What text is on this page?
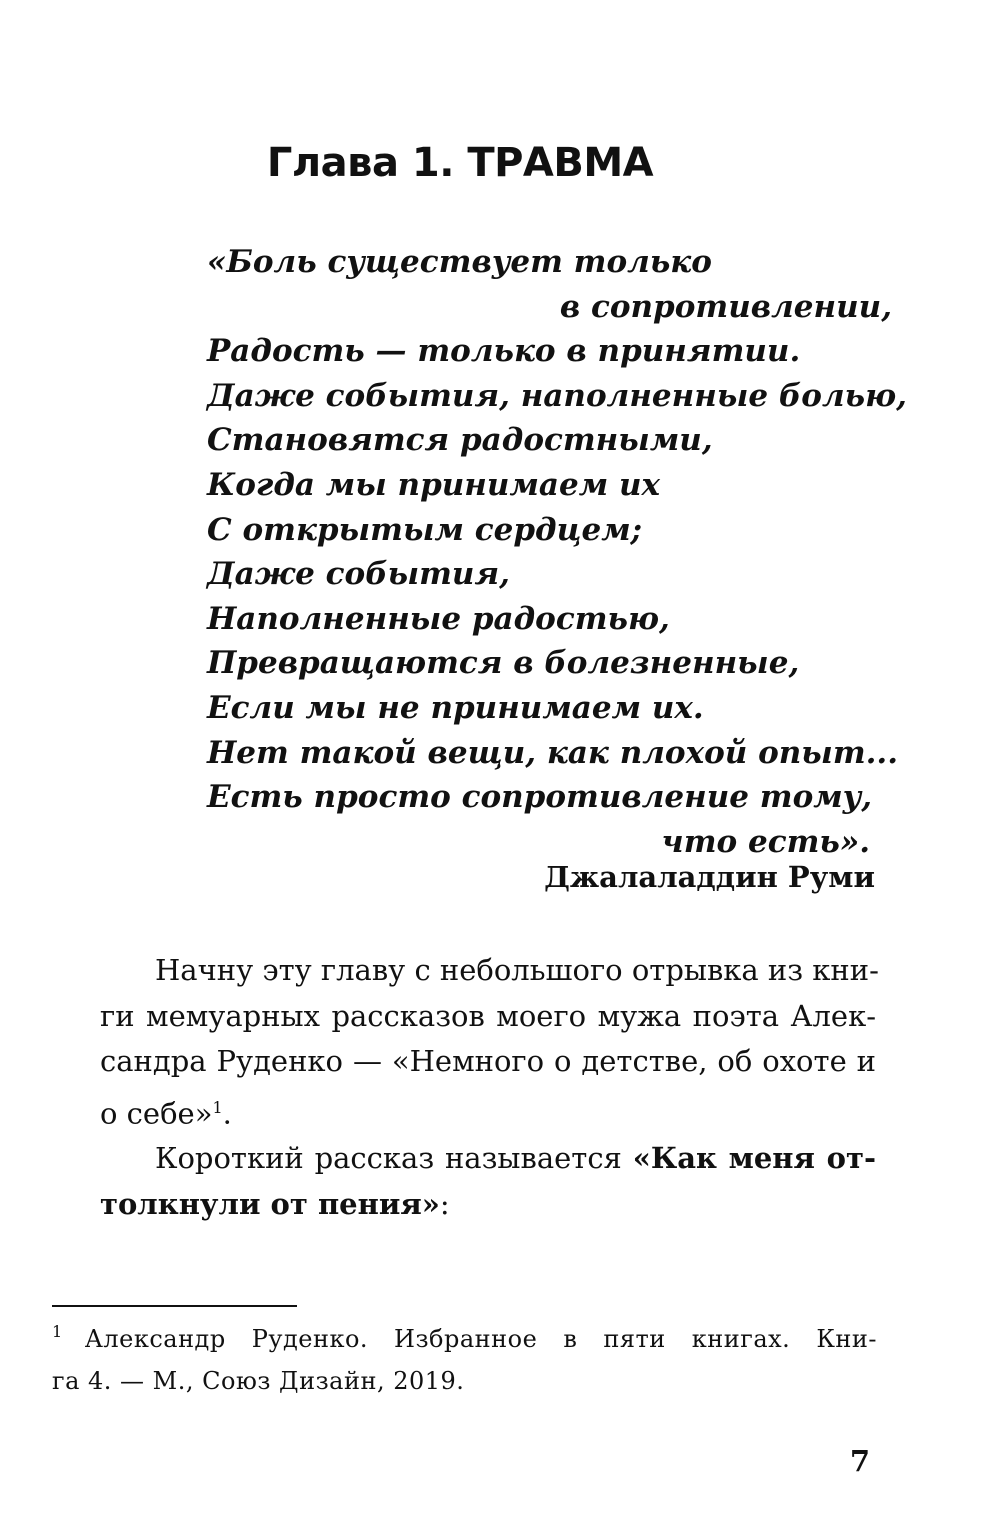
Глава 1. ТРАВМА
«Боль существует только
в сопротивлении,
Радость — только в принятии.
Даже события, наполненные болью,
Становятся радостными,
Когда мы принимаем их
С открытым сердцем;
Даже события,
Наполненные радостью,
Превращаются в болезненные,
Если мы не принимаем их.
Нет такой вещи, как плохой опыт...
Есть просто сопротивление тому,
что есть».
Джалаладдин Руми
Начну эту главу с небольшого отрывка из кни-
ги мемуарных рассказов моего мужа поэта Алек-
сандра Руденко — «Немного о детстве, об охоте и
о себе»$^1$.
Короткий рассказ называется «Как меня от-
толкнули от пения»:
$^1$ Александр Руденко. Избранное в пяти книгах. Кни-
га 4. — М., Союз Дизайн, 2019.
7
